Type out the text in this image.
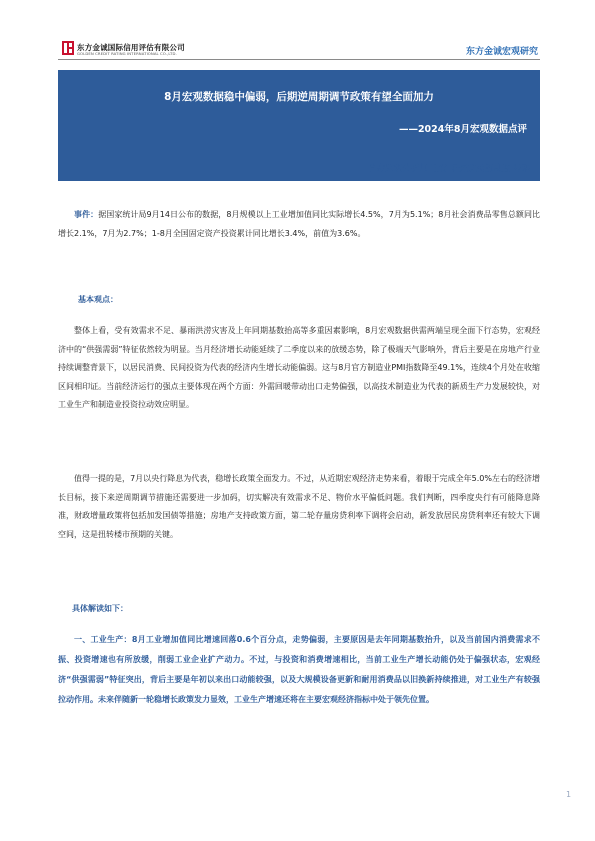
东方金诚国际信用评估有限公司
GOLDEN CREDIT RATING INTERNATIONAL CO.,LTD.	东方金诚宏观研究
8月宏观数据稳中偏弱，后期逆周期调节政策有望全面加力
——2024年8月宏观数据点评
首席宏观分析师 王青 研究发展部总监 冯琳
事件：据国家统计局9月14日公布的数据，8月规模以上工业增加值同比实际增长4.5%，7月为5.1%；8月社会消费品零售总额同比增长2.1%，7月为2.7%；1-8月全国固定资产投资累计同比增长3.4%，前值为3.6%。
基本观点：
整体上看，受有效需求不足、暴雨洪涝灾害及上年同期基数抬高等多重因素影响，8月宏观数据供需两端呈现全面下行态势，宏观经济中的“供强需弱”特征依然较为明显。当月经济增长动能延续了二季度以来的放缓态势，除了极端天气影响外，背后主要是在房地产行业持续调整背景下，以居民消费、民间投资为代表的经济内生增长动能偏弱。这与8月官方制造业PMI指数降至49.1%，连续4个月处在收缩区间相印证。当前经济运行的强点主要体现在两个方面：外需回暖带动出口走势偏强，以高技术制造业为代表的新质生产力发展较快，对工业生产和制造业投资拉动效应明显。
值得一提的是，7月以央行降息为代表，稳增长政策全面发力。不过，从近期宏观经济走势来看，着眼于完成全年5.0%左右的经济增长目标，接下来逆周期调节措施还需要进一步加码，切实解决有效需求不足、物价水平偏低问题。我们判断，四季度央行有可能降息降准，财政增量政策将包括加发国债等措施；房地产支持政策方面，第二轮存量房贷利率下调将会启动，新发放居民房贷利率还有较大下调空间，这是扭转楼市预期的关键。
具体解读如下：
一、工业生产：8月工业增加值同比增速回落0.6个百分点，走势偏弱，主要原因是去年同期基数抬升，以及当前国内消费需求不振、投资增速也有所放缓，削弱工业企业扩产动力。不过，与投资和消费增速相比，当前工业生产增长动能仍处于偏强状态，宏观经济“供强需弱”特征突出，背后主要是年初以来出口动能较强，以及大规模设备更新和耐用消费品以旧换新持续推进，对工业生产有较强拉动作用。未来伴随新一轮稳增长政策发力显效，工业生产增速还将在主要宏观经济指标中处于领先位置。
1
